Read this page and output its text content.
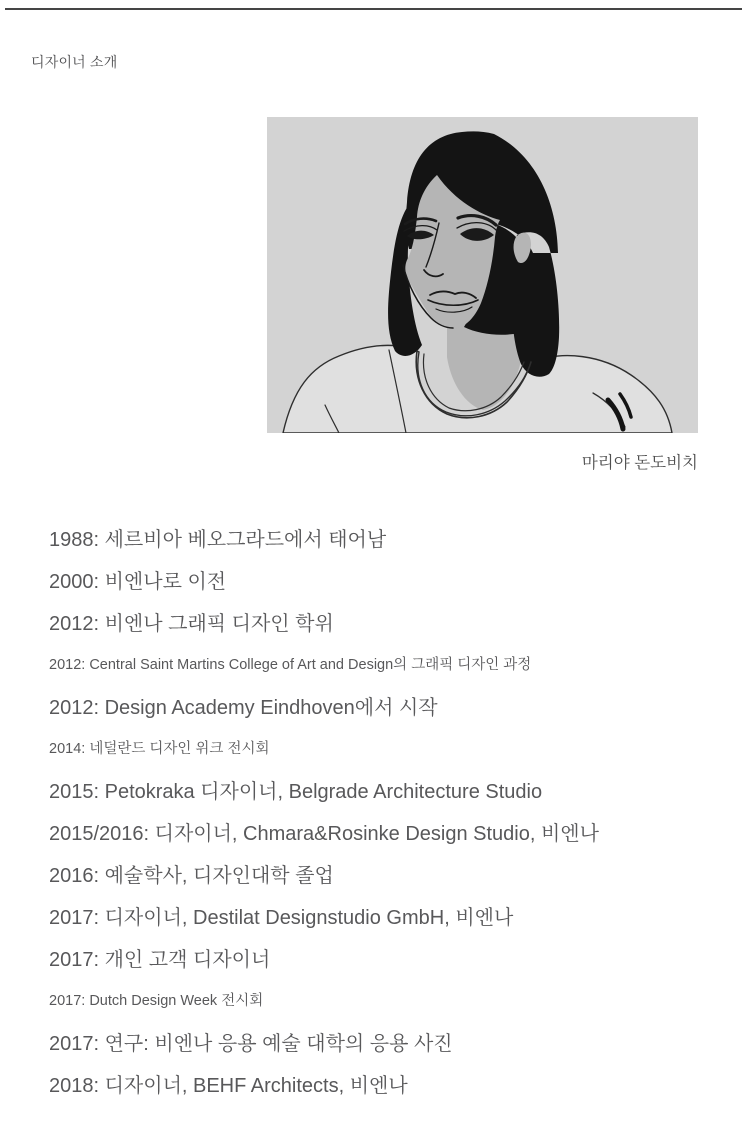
디자이너 소개
마리야 돈도비치
1988: 세르비아 베오그라드에서 태어남
2000: 비엔나로 이전
2012: 비엔나 그래픽 디자인 학위
2012: Central Saint Martins College of Art and Design의 그래픽 디자인 과정
2012: Design Academy Eindhoven에서 시작
2014: 네덜란드 디자인 위크 전시회
2015: Petokraka 디자이너, Belgrade Architecture Studio
2015/2016: 디자이너, Chmara&Rosinke Design Studio, 비엔나
2016: 예술학사, 디자인대학 졸업
2017: 디자이너, Destilat Designstudio GmbH, 비엔나
2017: 개인 고객 디자이너
2017: Dutch Design Week 전시회
2017: 연구: 비엔나 응용 예술 대학의 응용 사진
2018: 디자이너, BEHF Architects, 비엔나
